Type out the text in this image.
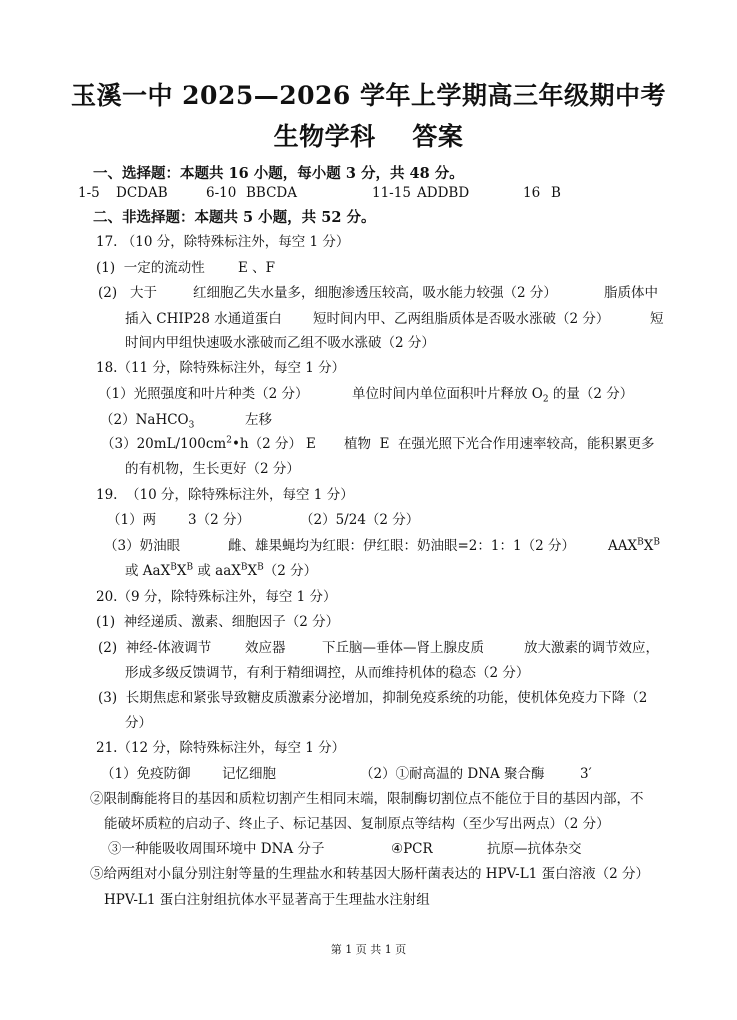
玉溪一中 2025—2026 学年上学期高三年级期中考
生物学科    答案
一、选择题：本题共 16 小题，每小题 3 分，共 48 分。
1-5 DCDAB	6-10 BBCDA	11-15 ADDBD	16 B
二、非选择题：本题共 5 小题，共 52 分。
17. （10 分，除特殊标注外，每空 1 分）
(1)  一定的流动性 E 、F
(2)   大于	红细胞乙失水量多，细胞渗透压较高，吸水能力较强（2 分）	脂质体中
插入 CHIP28 水通道蛋白 短时间内甲、乙两组脂质体是否吸水涨破（2 分）	短
时间内甲组快速吸水涨破而乙组不吸水涨破（2 分）
18.（11 分，除特殊标注外，每空 1 分）
（1）光照强度和叶片种类（2 分）	单位时间内单位面积叶片释放 $O_2$ 的量（2 分）
（2）NaHCO$_3$	左移
$(3)20mL/100cm^2•h(2$ 分） E 植物  E  在强光照下光合作用速率较高，能积累更多
的有机物，生长更好（2 分）
19.  （10 分，除特殊标注外，每空 1 分）
（1）两 3（2 分）	（2）5/24（2 分）
（3）奶油眼	雌、雄果蝇均为红眼：伊红眼：奶油眼=2：1：1（2 分） $AAX^BX^B$
或 $AaX^BX^B$ 或 $aaX^BX^B(2$ 分）
20.（9 分，除特殊标注外，每空 1 分）
(1)  神经递质、激素、细胞因子（2 分）
(2)  神经-体液调节 效应器	下丘脑—垂体—肾上腺皮质	放大激素的调节效应，
形成多级反馈调节，有利于精细调控，从而维持机体的稳态（2 分）
(3)  长期焦虑和紧张导致糖皮质激素分泌增加，抑制免疫系统的功能，使机体免疫力下降（2
分）
21.（12 分，除特殊标注外，每空 1 分）
（1）免疫防御 记忆细胞	（2）①耐高温的 DNA 聚合酶	3′
②限制酶能将目的基因和质粒切割产生相同末端，限制酶切割位点不能位于目的基因内部，不
能破坏质粒的启动子、终止子、标记基因、复制原点等结构（至少写出两点）（2 分）
③一种能吸收周围环境中 DNA 分子	④PCR	抗原—抗体杂交
⑤给两组对小鼠分别注射等量的生理盐水和转基因大肠杆菌表达的 HPV-L1 蛋白溶液（2 分）
HPV-L1 蛋白注射组抗体水平显著高于生理盐水注射组
第 1 页 共 1 页
